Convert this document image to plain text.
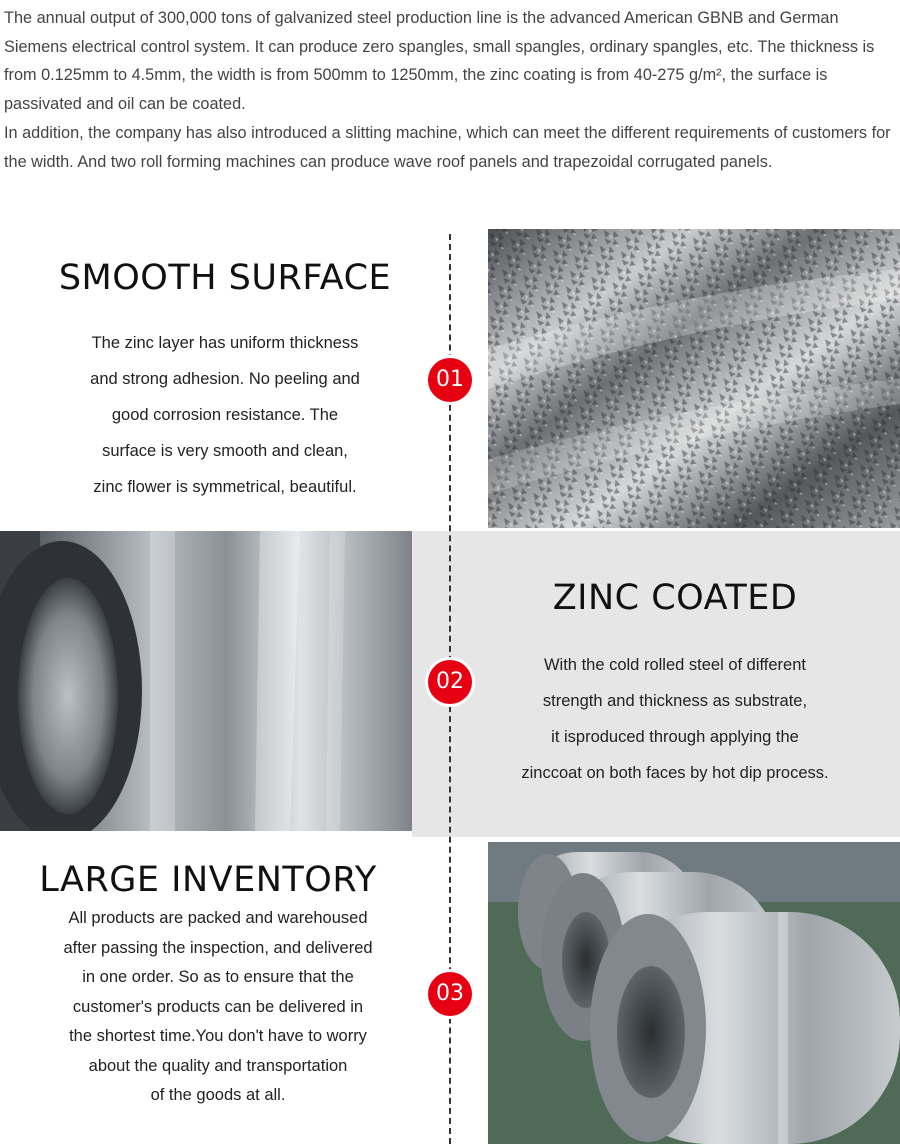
The annual output of 300,000 tons of galvanized steel production line is the advanced American GBNB and German Siemens electrical control system. It can produce zero spangles, small spangles, ordinary spangles, etc. The thickness is from 0.125mm to 4.5mm, the width is from 500mm to 1250mm, the zinc coating is from 40-275 g/m², the surface is passivated and oil can be coated.

In addition, the company has also introduced a slitting machine, which can meet the different requirements of customers for the width. And two roll forming machines can produce wave roof panels and trapezoidal corrugated panels.

SMOOTH SURFACE
The zinc layer has uniform thickness
and strong adhesion. No peeling and
good corrosion resistance. The
surface is very smooth and clean,
zinc flower is symmetrical, beautiful.
01
ZINC COATED
With the cold rolled steel of different
strength and thickness as substrate,
it isproduced through applying the
zinccoat on both faces by hot dip process.
02
LARGE INVENTORY
All products are packed and warehoused
after passing the inspection, and delivered
in one order. So as to ensure that the
customer's products can be delivered in
the shortest time.You don't have to worry
about the quality and transportation
of the goods at all.
03
